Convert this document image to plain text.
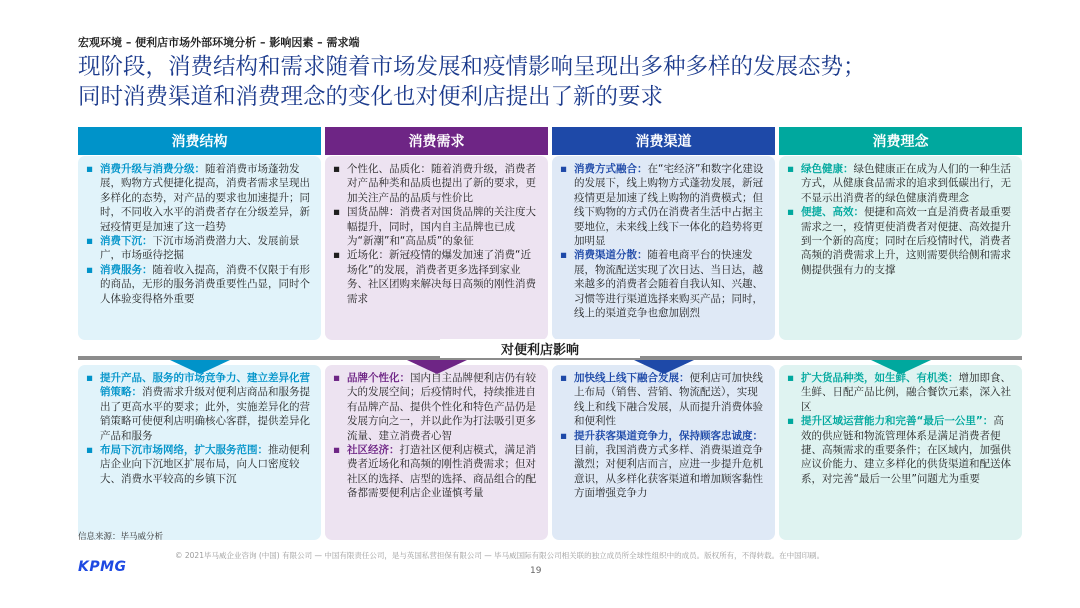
宏观环境 – 便利店市场外部环境分析 – 影响因素 – 需求端
现阶段，消费结构和需求随着市场发展和疫情影响呈现出多种多样的发展态势；
同时消费渠道和消费理念的变化也对便利店提出了新的要求
消费结构
▪ 消费升级与消费分级：随着消费市场蓬勃发展，购物方式便捷化提高，消费者需求呈现出多样化的态势，对产品的要求也加速提升；同时，不同收入水平的消费者存在分级差异，新冠疫情更是加速了这一趋势
▪ 消费下沉：下沉市场消费潜力大、发展前景广，市场亟待挖掘
▪ 消费服务：随着收入提高，消费不仅限于有形的商品，无形的服务消费重要性凸显，同时个人体验变得格外重要
▪ 提升产品、服务的市场竞争力、建立差异化营销策略：消费需求升级对便利店商品和服务提出了更高水平的要求；此外，实施差异化的营销策略可使便利店明确核心客群，提供差异化产品和服务
▪ 布局下沉市场网络，扩大服务范围：推动便利店企业向下沉地区扩展布局，向人口密度较大、消费水平较高的乡镇下沉
消费需求
▪ 个性化、品质化：随着消费升级，消费者对产品种类和品质也提出了新的要求，更加关注产品的品质与性价比
▪ 国货品牌：消费者对国货品牌的关注度大幅提升，同时，国内自主品牌也已成为“新潮”和“高品质”的象征
▪ 近场化：新冠疫情的爆发加速了消费“近场化”的发展，消费者更多选择到家业务、社区团购来解决每日高频的刚性消费需求
▪ 品牌个性化：国内自主品牌便利店仍有较大的发展空间；后疫情时代，持续推进自有品牌产品、提供个性化和特色产品仍是发展方向之一，并以此作为打法吸引更多流量、建立消费者心智
▪ 社区经济：打造社区便利店模式，满足消费者近场化和高频的刚性消费需求；但对社区的选择、店型的选择、商品组合的配备都需要便利店企业谨慎考量
消费渠道
▪ 消费方式融合：在“宅经济”和数字化建设的发展下，线上购物方式蓬勃发展，新冠疫情更是加速了线上购物的消费模式；但线下购物的方式仍在消费者生活中占据主要地位，未来线上线下一体化的趋势将更加明显
▪ 消费渠道分散：随着电商平台的快速发展，物流配送实现了次日达、当日达，越来越多的消费者会随着自我认知、兴趣、习惯等进行渠道选择来购买产品；同时，线上的渠道竞争也愈加剧烈
▪ 加快线上线下融合发展：便利店可加快线上布局（销售、营销、物流配送），实现线上和线下融合发展，从而提升消费体验和便利性
▪ 提升获客渠道竞争力，保持顾客忠诚度：目前，我国消费方式多样、消费渠道竞争激烈；对便利店而言，应进一步提升危机意识，从多样化获客渠道和增加顾客黏性方面增强竞争力
消费理念
▪ 绿色健康：绿色健康正在成为人们的一种生活方式，从健康食品需求的追求到低碳出行，无不显示出消费者的绿色健康消费理念
▪ 便捷、高效：便捷和高效一直是消费者最重要需求之一，疫情更使消费者对便捷、高效提升到一个新的高度；同时在后疫情时代，消费者高频的消费需求上升，这则需要供给侧和需求侧提供强有力的支撑
▪ 扩大货品种类，如生鲜、有机类：增加即食、生鲜、日配产品比例，融合餐饮元素，深入社区
▪ 提升区域运营能力和完善“最后一公里”：高效的供应链和物流管理体系是满足消费者便捷、高频需求的重要条件；在区域内，加强供应议价能力、建立多样化的供货渠道和配送体系，对完善“最后一公里”问题尤为重要
对便利店影响
信息来源：毕马威分析
KPMG
© 2021毕马威企业咨询 (中国) 有限公司 — 中国有限责任公司，是与英国私营担保有限公司 — 毕马威国际有限公司相关联的独立成员所全球性组织中的成员。版权所有，不得转载。在中国印刷。
19
